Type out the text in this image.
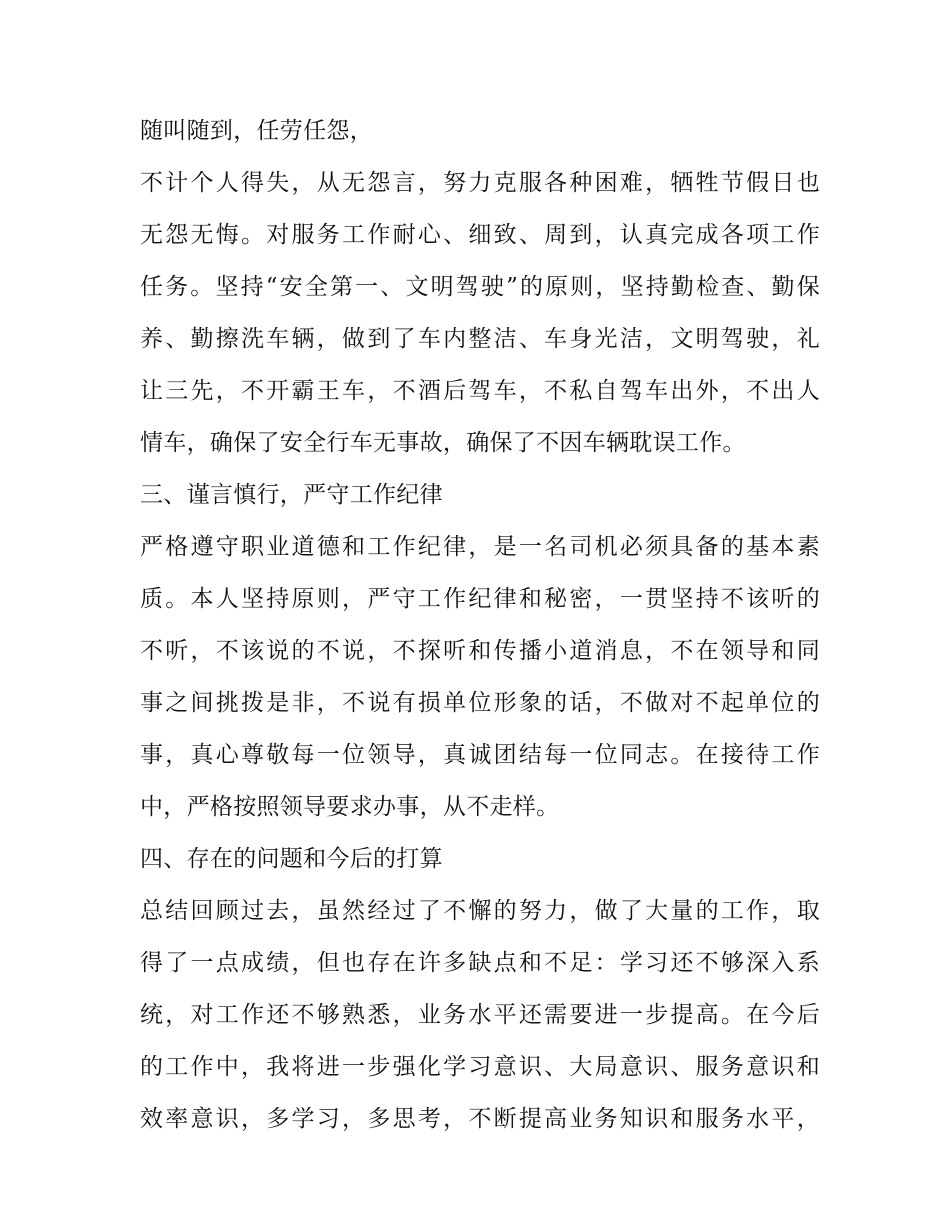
随叫随到，任劳任怨，
不计个人得失，从无怨言，努力克服各种困难，牺牲节假日也
无怨无悔。对服务工作耐心、细致、周到，认真完成各项工作
任务。坚持“安全第一、文明驾驶”的原则，坚持勤检查、勤保
养、勤擦洗车辆，做到了车内整洁、车身光洁，文明驾驶，礼
让三先，不开霸王车，不酒后驾车，不私自驾车出外，不出人
情车，确保了安全行车无事故，确保了不因车辆耽误工作。
三、谨言慎行，严守工作纪律
严格遵守职业道德和工作纪律，是一名司机必须具备的基本素
质。本人坚持原则，严守工作纪律和秘密，一贯坚持不该听的
不听，不该说的不说，不探听和传播小道消息，不在领导和同
事之间挑拨是非，不说有损单位形象的话，不做对不起单位的
事，真心尊敬每一位领导，真诚团结每一位同志。在接待工作
中，严格按照领导要求办事，从不走样。
四、存在的问题和今后的打算
总结回顾过去，虽然经过了不懈的努力，做了大量的工作，取
得了一点成绩，但也存在许多缺点和不足：学习还不够深入系
统，对工作还不够熟悉，业务水平还需要进一步提高。在今后
的工作中，我将进一步强化学习意识、大局意识、服务意识和
效率意识，多学习，多思考，不断提高业务知识和服务水平，
